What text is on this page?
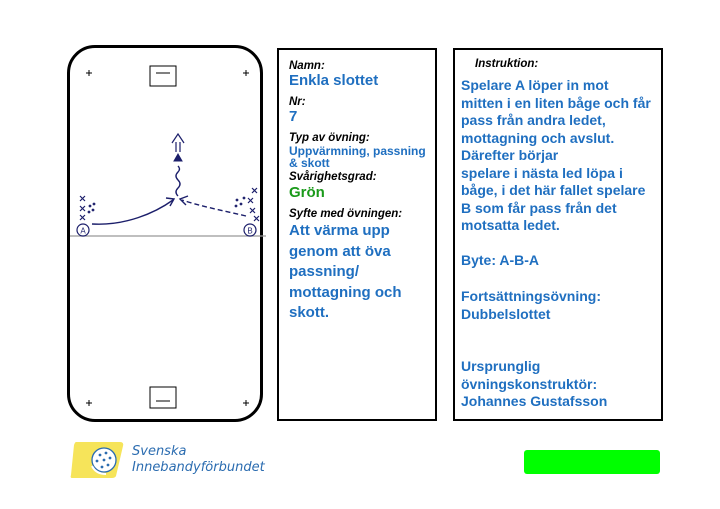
A	B
Namn:
Enkla slottet
Nr:
7
Typ av övning:
Uppvärmning, passning
& skott
Svårighetsgrad:
Grön
Syfte med övningen:
Att värma upp
genom att öva
passning/
mottagning och
skott.
Instruktion:
Spelare A löper in mot
mitten i en liten båge och får
pass från andra ledet,
mottagning och avslut.
Därefter börjar
spelare i nästa led löpa i
båge, i det här fallet spelare
B som får pass från det
motsatta ledet.
Byte: A-B-A
Fortsättningsövning:
Dubbelslottet
Ursprunglig
övningskonstruktör:
Johannes Gustafsson
Svenska
Innebandyförbundet
